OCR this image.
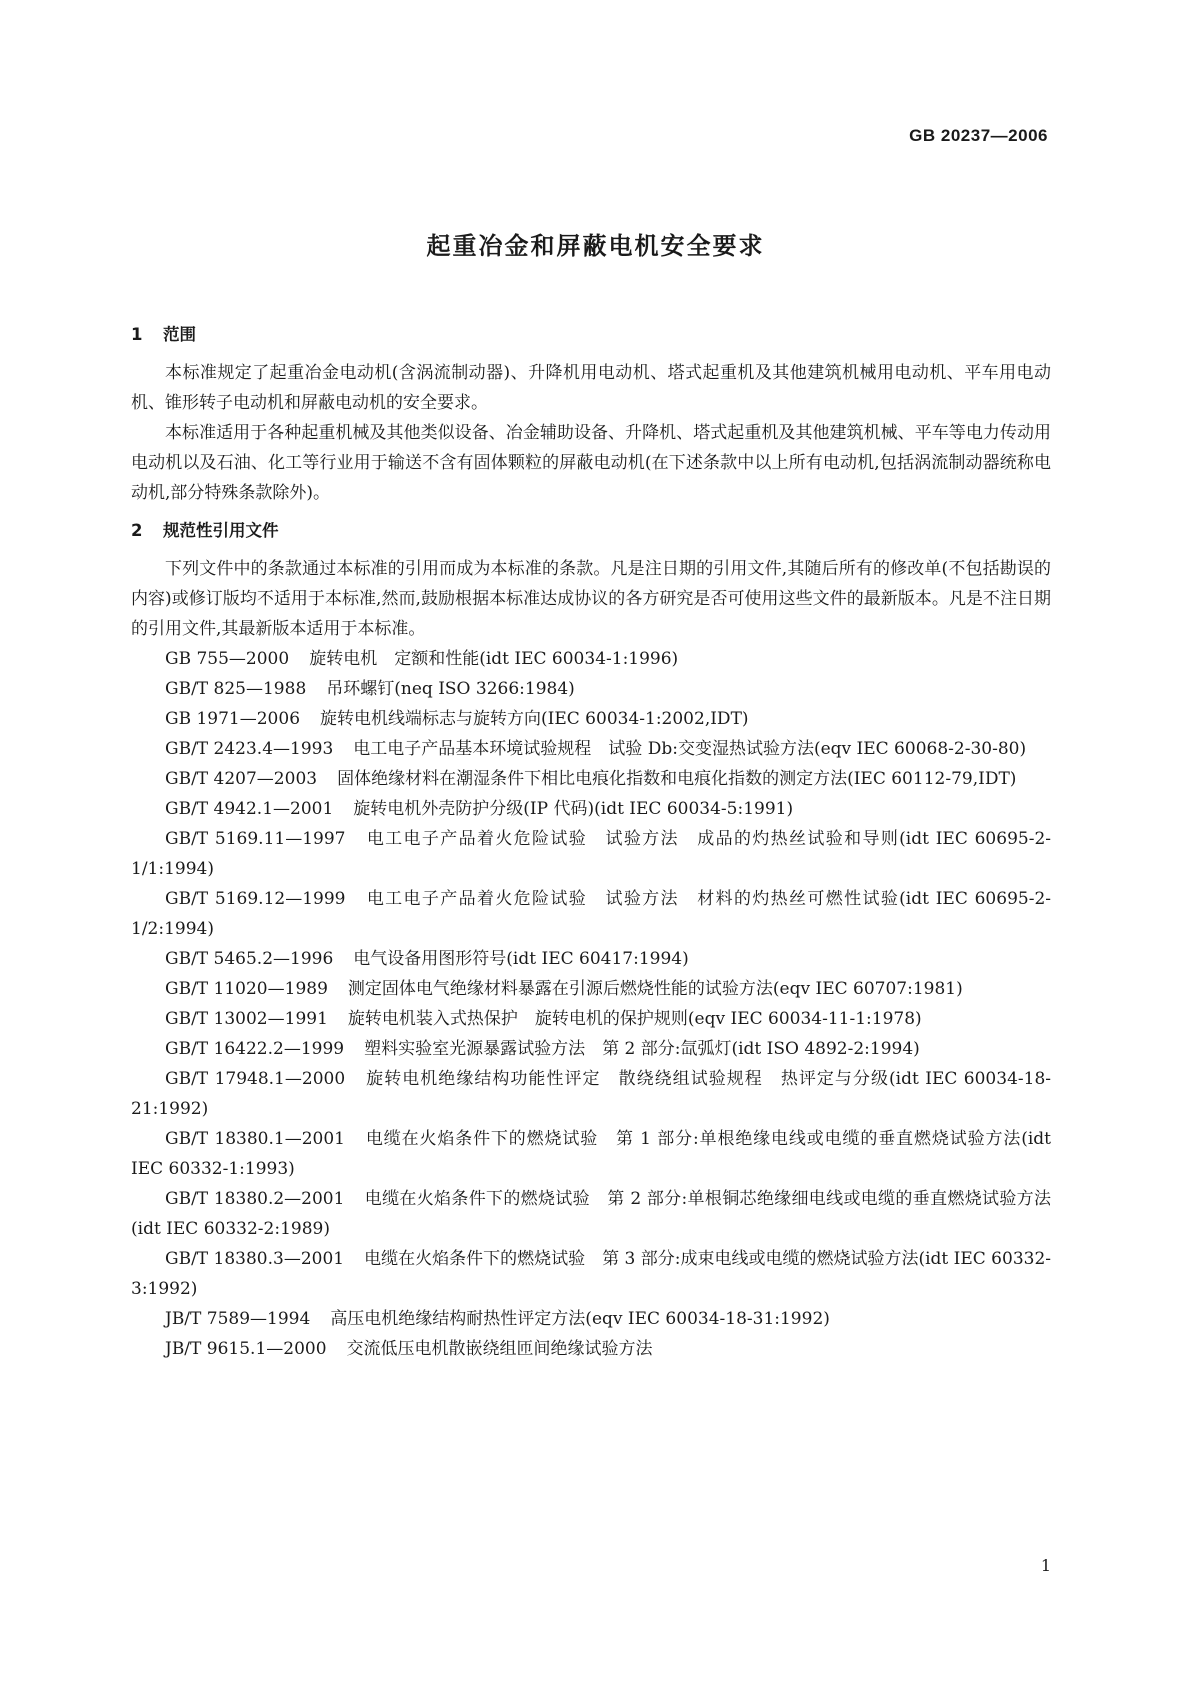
GB 20237—2006
起重冶金和屏蔽电机安全要求
1 范围

本标准规定了起重冶金电动机(含涡流制动器)、升降机用电动机、塔式起重机及其他建筑机械用电动机、平车用电动机、锥形转子电动机和屏蔽电动机的安全要求。

本标准适用于各种起重机械及其他类似设备、冶金辅助设备、升降机、塔式起重机及其他建筑机械、平车等电力传动用电动机以及石油、化工等行业用于输送不含有固体颗粒的屏蔽电动机(在下述条款中以上所有电动机,包括涡流制动器统称电动机,部分特殊条款除外)。

2 规范性引用文件

下列文件中的条款通过本标准的引用而成为本标准的条款。凡是注日期的引用文件,其随后所有的修改单(不包括勘误的内容)或修订版均不适用于本标准,然而,鼓励根据本标准达成协议的各方研究是否可使用这些文件的最新版本。凡是不注日期的引用文件,其最新版本适用于本标准。

GB 755—2000 旋转电机　定额和性能(idt IEC 60034-1:1996)

GB/T 825—1988 吊环螺钉(neq ISO 3266:1984)

GB 1971—2006 旋转电机线端标志与旋转方向(IEC 60034-1:2002,IDT)

GB/T 2423.4—1993 电工电子产品基本环境试验规程　试验 Db:交变湿热试验方法(eqv IEC 60068-2-30-80)

GB/T 4207—2003 固体绝缘材料在潮湿条件下相比电痕化指数和电痕化指数的测定方法(IEC 60112-79,IDT)

GB/T 4942.1—2001 旋转电机外壳防护分级(IP 代码)(idt IEC 60034-5:1991)

GB/T 5169.11—1997 电工电子产品着火危险试验　试验方法　成品的灼热丝试验和导则(idt IEC 60695-2-1/1:1994)

GB/T 5169.12—1999 电工电子产品着火危险试验　试验方法　材料的灼热丝可燃性试验(idt IEC 60695-2-1/2:1994)

GB/T 5465.2—1996 电气设备用图形符号(idt IEC 60417:1994)

GB/T 11020—1989 测定固体电气绝缘材料暴露在引源后燃烧性能的试验方法(eqv IEC 60707:1981)

GB/T 13002—1991 旋转电机装入式热保护　旋转电机的保护规则(eqv IEC 60034-11-1:1978)

GB/T 16422.2—1999 塑料实验室光源暴露试验方法　第 2 部分:氙弧灯(idt ISO 4892-2:1994)

GB/T 17948.1—2000 旋转电机绝缘结构功能性评定　散绕绕组试验规程　热评定与分级(idt IEC 60034-18-21:1992)

GB/T 18380.1—2001 电缆在火焰条件下的燃烧试验　第 1 部分:单根绝缘电线或电缆的垂直燃烧试验方法(idt IEC 60332-1:1993)

GB/T 18380.2—2001 电缆在火焰条件下的燃烧试验　第 2 部分:单根铜芯绝缘细电线或电缆的垂直燃烧试验方法(idt IEC 60332-2:1989)

GB/T 18380.3—2001 电缆在火焰条件下的燃烧试验　第 3 部分:成束电线或电缆的燃烧试验方法(idt IEC 60332-3:1992)

JB/T 7589—1994 高压电机绝缘结构耐热性评定方法(eqv IEC 60034-18-31:1992)

JB/T 9615.1—2000 交流低压电机散嵌绕组匝间绝缘试验方法

1
